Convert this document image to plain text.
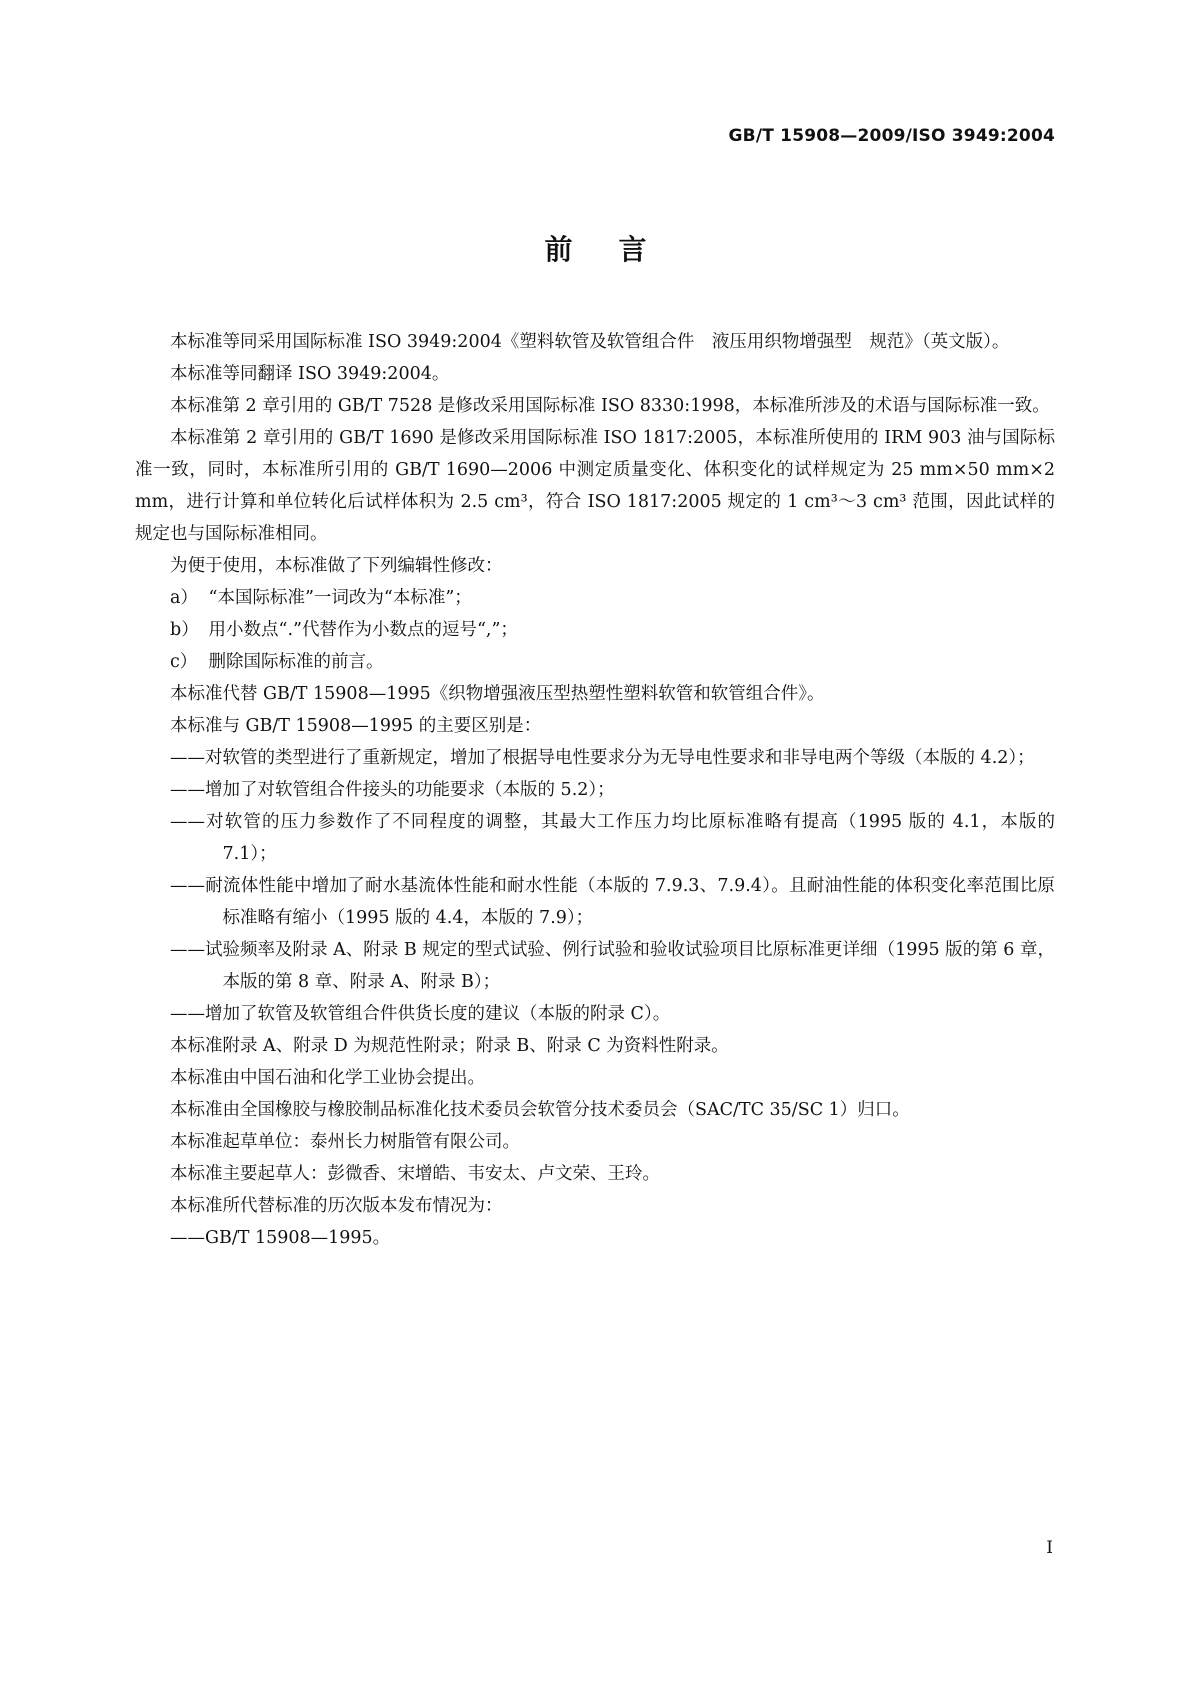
GB/T 15908—2009/ISO 3949:2004
前言

本标准等同采用国际标准 ISO 3949:2004《塑料软管及软管组合件　液压用织物增强型　规范》（英文版）。

本标准等同翻译 ISO 3949:2004。

本标准第 2 章引用的 GB/T 7528 是修改采用国际标准 ISO 8330:1998，本标准所涉及的术语与国际标准一致。

本标准第 2 章引用的 GB/T 1690 是修改采用国际标准 ISO 1817:2005，本标准所使用的 IRM 903 油与国际标准一致，同时，本标准所引用的 GB/T 1690—2006 中测定质量变化、体积变化的试样规定为 25 mm×50 mm×2 mm，进行计算和单位转化后试样体积为 2.5 cm³，符合 ISO 1817:2005 规定的 1 cm³～3 cm³ 范围，因此试样的规定也与国际标准相同。

为便于使用，本标准做了下列编辑性修改：

a） “本国际标准”一词改为“本标准”；

b） 用小数点“.”代替作为小数点的逗号“,”；

c） 删除国际标准的前言。

本标准代替 GB/T 15908—1995《织物增强液压型热塑性塑料软管和软管组合件》。

本标准与 GB/T 15908—1995 的主要区别是：

——对软管的类型进行了重新规定，增加了根据导电性要求分为无导电性要求和非导电两个等级（本版的 4.2）；

——增加了对软管组合件接头的功能要求（本版的 5.2）；

——对软管的压力参数作了不同程度的调整，其最大工作压力均比原标准略有提高（1995 版的 4.1，本版的 7.1）；

——耐流体性能中增加了耐水基流体性能和耐水性能（本版的 7.9.3、7.9.4）。且耐油性能的体积变化率范围比原标准略有缩小（1995 版的 4.4，本版的 7.9）；

——试验频率及附录 A、附录 B 规定的型式试验、例行试验和验收试验项目比原标准更详细（1995 版的第 6 章，本版的第 8 章、附录 A、附录 B）；

——增加了软管及软管组合件供货长度的建议（本版的附录 C）。

本标准附录 A、附录 D 为规范性附录；附录 B、附录 C 为资料性附录。

本标准由中国石油和化学工业协会提出。

本标准由全国橡胶与橡胶制品标准化技术委员会软管分技术委员会（SAC/TC 35/SC 1）归口。

本标准起草单位：泰州长力树脂管有限公司。

本标准主要起草人：彭微香、宋增皓、韦安太、卢文荣、王玲。

本标准所代替标准的历次版本发布情况为：

——GB/T 15908—1995。

I
